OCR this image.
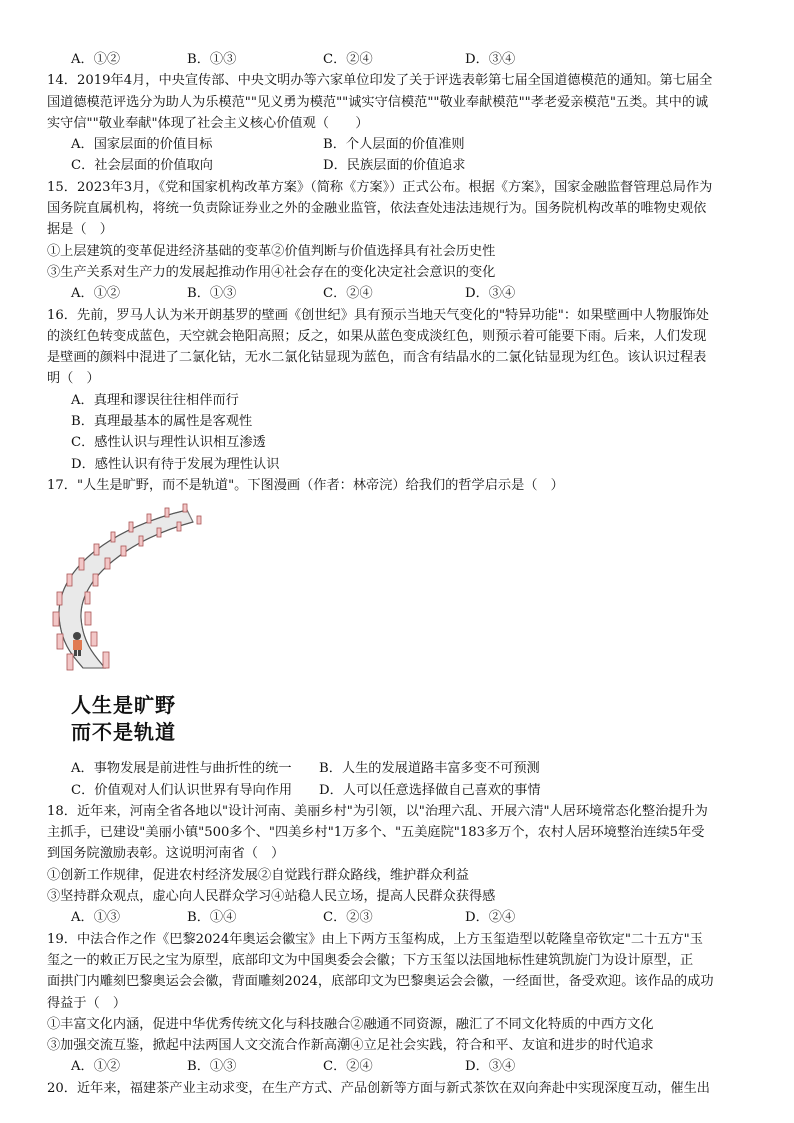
A．①②	B．①③	C．②④	D．③④
14．2019年4月，中央宣传部、中央文明办等六家单位印发了关于评选表彰第七届全国道德模范的通知。第七届全
国道德模范评选分为助人为乐模范""见义勇为模范""诚实守信模范""敬业奉献模范""孝老爱亲模范"五类。其中的诚
实守信""敬业奉献"体现了社会主义核心价值观（　　）
A．国家层面的价值目标	B．个人层面的价值准则
C．社会层面的价值取向	D．民族层面的价值追求
15．2023年3月，《党和国家机构改革方案》（简称《方案》）正式公布。根据《方案》，国家金融监督管理总局作为
国务院直属机构，将统一负责除证券业之外的金融业监管，依法查处违法违规行为。国务院机构改革的唯物史观依
据是（　）
①上层建筑的变革促进经济基础的变革②价值判断与价值选择具有社会历史性
③生产关系对生产力的发展起推动作用④社会存在的变化决定社会意识的变化
A．①②	B．①③	C．②④	D．③④
16．先前，罗马人认为米开朗基罗的壁画《创世纪》具有预示当地天气变化的"特异功能"：如果壁画中人物服饰处
的淡红色转变成蓝色，天空就会艳阳高照；反之，如果从蓝色变成淡红色，则预示着可能要下雨。后来，人们发现
是壁画的颜料中混进了二氯化钴，无水二氯化钴显现为蓝色，而含有结晶水的二氯化钴显现为红色。该认识过程表
明（　）
A．真理和谬误往往相伴而行
B．真理最基本的属性是客观性
C．感性认识与理性认识相互渗透
D．感性认识有待于发展为理性认识
17．"人生是旷野，而不是轨道"。下图漫画（作者：林帝浣）给我们的哲学启示是（　）
人生是旷野
而不是轨道
A．事物发展是前进性与曲折性的统一	B．人生的发展道路丰富多变不可预测
C．价值观对人们认识世界有导向作用	D．人可以任意选择做自己喜欢的事情
18．近年来，河南全省各地以"设计河南、美丽乡村"为引领，以"治理六乱、开展六清"人居环境常态化整治提升为
主抓手，已建设"美丽小镇"500多个、"四美乡村"1万多个、"五美庭院"183多万个，农村人居环境整治连续5年受
到国务院激励表彰。这说明河南省（　）
①创新工作规律，促进农村经济发展②自觉践行群众路线，维护群众利益
③坚持群众观点，虚心向人民群众学习④站稳人民立场，提高人民群众获得感
A．①③	B．①④	C．②③	D．②④
19．中法合作之作《巴黎2024年奥运会徽宝》由上下两方玉玺构成，上方玉玺造型以乾隆皇帝钦定"二十五方"玉
玺之一的敕正万民之宝为原型，底部印文为中国奥委会会徽；下方玉玺以法国地标性建筑凯旋门为设计原型，正
面拱门内雕刻巴黎奥运会会徽，背面雕刻2024，底部印文为巴黎奥运会会徽，一经面世，备受欢迎。该作品的成功
得益于（　）
①丰富文化内涵，促进中华优秀传统文化与科技融合②融通不同资源，融汇了不同文化特质的中西方文化
③加强交流互鉴，掀起中法两国人文交流合作新高潮④立足社会实践，符合和平、友谊和进步的时代追求
A．①②	B．①③	C．②④	D．③④
20．近年来，福建茶产业主动求变，在生产方式、产品创新等方面与新式茶饮在双向奔赴中实现深度互动，催生出
